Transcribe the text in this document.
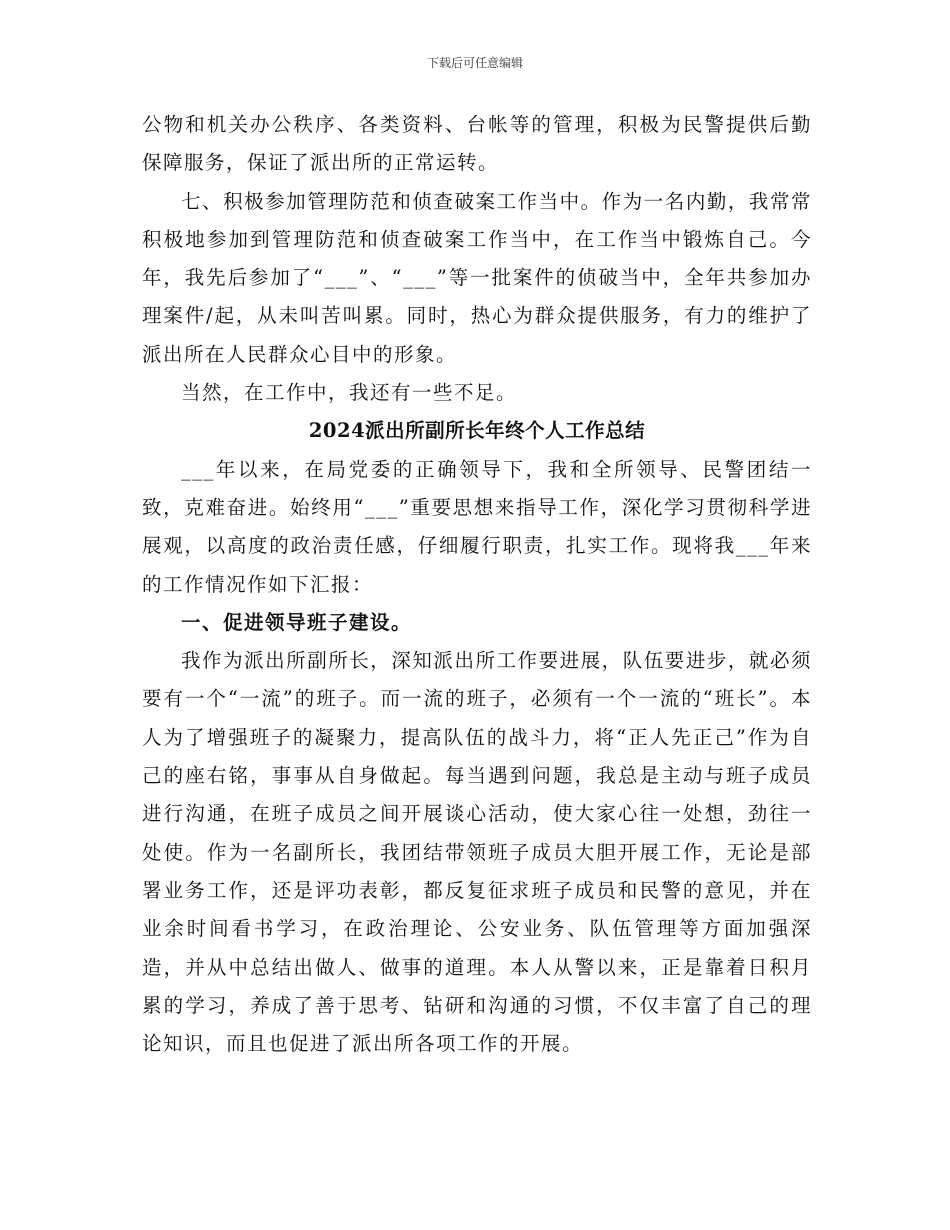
下载后可任意编辑

公物和机关办公秩序、各类资料、台帐等的管理，积极为民警提供后勤保障服务，保证了派出所的正常运转。

七、积极参加管理防范和侦查破案工作当中。作为一名内勤，我常常积极地参加到管理防范和侦查破案工作当中，在工作当中锻炼自己。今年，我先后参加了“___”、“___”等一批案件的侦破当中，全年共参加办理案件/起，从未叫苦叫累。同时，热心为群众提供服务，有力的维护了派出所在人民群众心目中的形象。

当然，在工作中，我还有一些不足。

2024派出所副所长年终个人工作总结

___年以来，在局党委的正确领导下，我和全所领导、民警团结一致，克难奋进。始终用“___”重要思想来指导工作，深化学习贯彻科学进展观，以高度的政治责任感，仔细履行职责，扎实工作。现将我___年来的工作情况作如下汇报：

一、促进领导班子建设。

我作为派出所副所长，深知派出所工作要进展，队伍要进步，就必须要有一个“一流”的班子。而一流的班子，必须有一个一流的“班长”。本人为了增强班子的凝聚力，提高队伍的战斗力，将“正人先正己”作为自己的座右铭，事事从自身做起。每当遇到问题，我总是主动与班子成员进行沟通，在班子成员之间开展谈心活动，使大家心往一处想，劲往一处使。作为一名副所长，我团结带领班子成员大胆开展工作，无论是部署业务工作，还是评功表彰，都反复征求班子成员和民警的意见，并在业余时间看书学习，在政治理论、公安业务、队伍管理等方面加强深造，并从中总结出做人、做事的道理。本人从警以来，正是靠着日积月累的学习，养成了善于思考、钻研和沟通的习惯，不仅丰富了自己的理论知识，而且也促进了派出所各项工作的开展。
